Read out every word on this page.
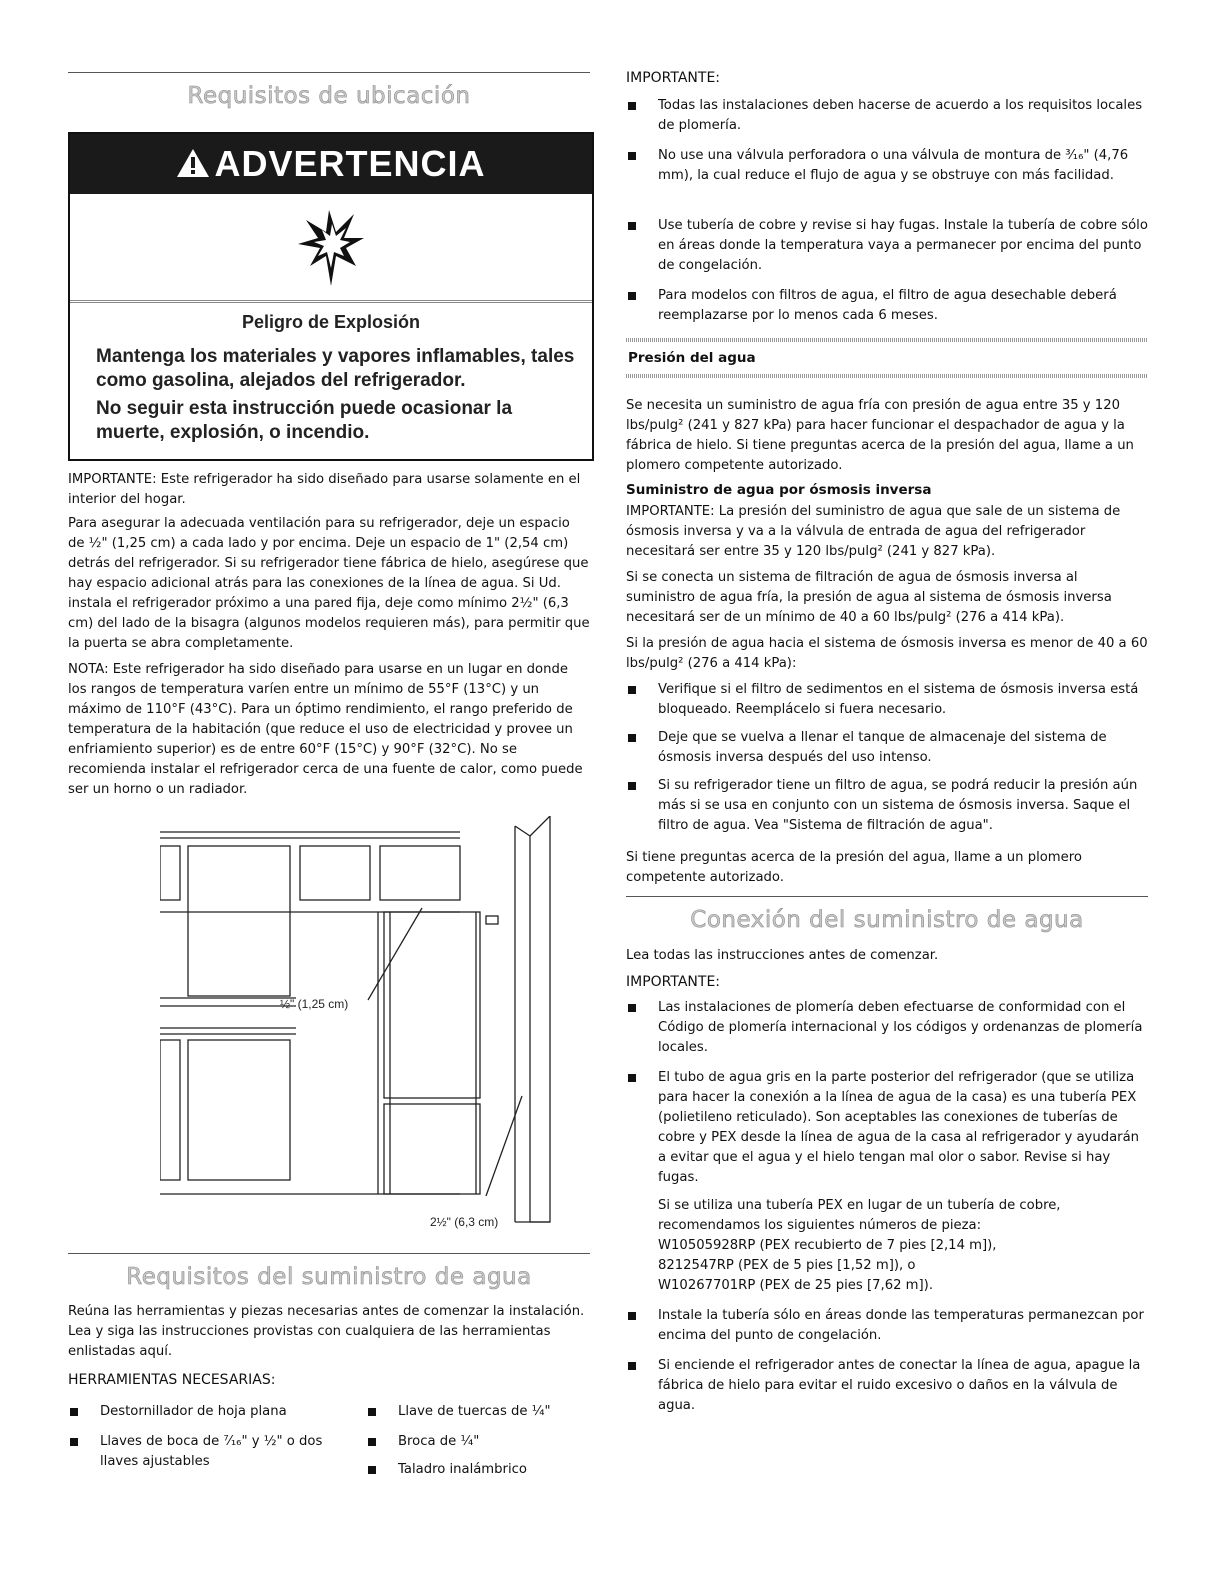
Requisitos de ubicación
ADVERTENCIA
Peligro de Explosión
Mantenga los materiales y vapores inflamables, tales como gasolina, alejados del refrigerador.
No seguir esta instrucción puede ocasionar la muerte, explosión, o incendio.
IMPORTANTE: Este refrigerador ha sido diseñado para usarse solamente en el interior del hogar.
Para asegurar la adecuada ventilación para su refrigerador, deje un espacio de ½" (1,25 cm) a cada lado y por encima. Deje un espacio de 1" (2,54 cm) detrás del refrigerador. Si su refrigerador tiene fábrica de hielo, asegúrese que hay espacio adicional atrás para las conexiones de la línea de agua. Si Ud. instala el refrigerador próximo a una pared fija, deje como mínimo 2½" (6,3 cm) del lado de la bisagra (algunos modelos requieren más), para permitir que la puerta se abra completamente.
NOTA: Este refrigerador ha sido diseñado para usarse en un lugar en donde los rangos de temperatura varíen entre un mínimo de 55°F (13°C) y un máximo de 110°F (43°C). Para un óptimo rendimiento, el rango preferido de temperatura de la habitación (que reduce el uso de electricidad y provee un enfriamiento superior) es de entre 60°F (15°C) y 90°F (32°C). No se recomienda instalar el refrigerador cerca de una fuente de calor, como puede ser un horno o un radiador.
½" (1,25 cm)
2½" (6,3 cm)
Requisitos del suministro de agua
Reúna las herramientas y piezas necesarias antes de comenzar la instalación. Lea y siga las instrucciones provistas con cualquiera de las herramientas enlistadas aquí.
HERRAMIENTAS NECESARIAS:
Destornillador de hoja plana
Llaves de boca de ⁷⁄₁₆" y ½" o dos llaves ajustables
Llave de tuercas de ¼"
Broca de ¼"
Taladro inalámbrico
IMPORTANTE:
Todas las instalaciones deben hacerse de acuerdo a los requisitos locales de plomería.
No use una válvula perforadora o una válvula de montura de ³⁄₁₆" (4,76 mm), la cual reduce el flujo de agua y se obstruye con más facilidad.
Use tubería de cobre y revise si hay fugas. Instale la tubería de cobre sólo en áreas donde la temperatura vaya a permanecer por encima del punto de congelación.
Para modelos con filtros de agua, el filtro de agua desechable deberá reemplazarse por lo menos cada 6 meses.
Presión del agua
Se necesita un suministro de agua fría con presión de agua entre 35 y 120 lbs/pulg² (241 y 827 kPa) para hacer funcionar el despachador de agua y la fábrica de hielo. Si tiene preguntas acerca de la presión del agua, llame a un plomero competente autorizado.
Suministro de agua por ósmosis inversa
IMPORTANTE: La presión del suministro de agua que sale de un sistema de ósmosis inversa y va a la válvula de entrada de agua del refrigerador necesitará ser entre 35 y 120 lbs/pulg² (241 y 827 kPa).
Si se conecta un sistema de filtración de agua de ósmosis inversa al suministro de agua fría, la presión de agua al sistema de ósmosis inversa necesitará ser de un mínimo de 40 a 60 lbs/pulg² (276 a 414 kPa).
Si la presión de agua hacia el sistema de ósmosis inversa es menor de 40 a 60 lbs/pulg² (276 a 414 kPa):
Verifique si el filtro de sedimentos en el sistema de ósmosis inversa está bloqueado. Reemplácelo si fuera necesario.
Deje que se vuelva a llenar el tanque de almacenaje del sistema de ósmosis inversa después del uso intenso.
Si su refrigerador tiene un filtro de agua, se podrá reducir la presión aún más si se usa en conjunto con un sistema de ósmosis inversa. Saque el filtro de agua. Vea "Sistema de filtración de agua".
Si tiene preguntas acerca de la presión del agua, llame a un plomero competente autorizado.
Conexión del suministro de agua
Lea todas las instrucciones antes de comenzar.
IMPORTANTE:
Las instalaciones de plomería deben efectuarse de conformidad con el Código de plomería internacional y los códigos y ordenanzas de plomería locales.
El tubo de agua gris en la parte posterior del refrigerador (que se utiliza para hacer la conexión a la línea de agua de la casa) es una tubería PEX (polietileno reticulado). Son aceptables las conexiones de tuberías de cobre y PEX desde la línea de agua de la casa al refrigerador y ayudarán a evitar que el agua y el hielo tengan mal olor o sabor. Revise si hay fugas.
Si se utiliza una tubería PEX en lugar de un tubería de cobre, recomendamos los siguientes números de pieza:
W10505928RP (PEX recubierto de 7 pies [2,14 m]),
8212547RP (PEX de 5 pies [1,52 m]), o
W10267701RP (PEX de 25 pies [7,62 m]).
Instale la tubería sólo en áreas donde las temperaturas permanezcan por encima del punto de congelación.
Si enciende el refrigerador antes de conectar la línea de agua, apague la fábrica de hielo para evitar el ruido excesivo o daños en la válvula de agua.
